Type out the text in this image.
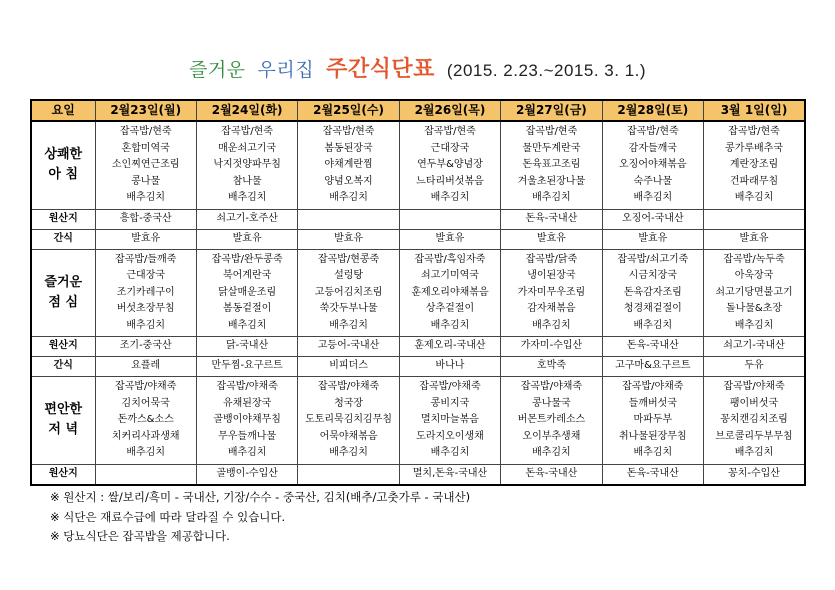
즐거운 우리집 주간식단표 (2015. 2.23.~2015. 3. 1.)
요일	2월23일(월)	2월24일(화)	2월25일(수)	2월26일(목)	2월27일(금)	2월28일(토)	3월 1일(일)

상쾌한
아 침	잡곡밥/현죽
혼합미역국
소인찌연근조림
콩나물
배추김치	잡곡밥/현죽
매운쇠고기국
낙지젓양파무침
참나물
배추김치	잡곡밥/현죽
봄동된장국
야채계란찜
양념오복지
배추김치	잡곡밥/현죽
근대장국
연두부&양념장
느타리버섯볶음
배추김치	잡곡밥/현죽
물만두계란국
돈육표고조림
겨울초된장나물
배추김치	잡곡밥/현죽
감자들깨국
오징어야채볶음
숙주나물
배추김치	잡곡밥/현죽
콩가루배추국
계란장조림
건파래무침
배추김치

원산지	흥합-중국산	쇠고기-호주산			돈육-국내산	오징어-국내산	
간식	발효유	발효유	발효유	발효유	발효유	발효유	발효유

즐거운
점 심	잡곡밥/들깨죽
근대장국
조기카레구이
버섯초장무침
배추김치	잡곡밥/완두콩죽
북어계란국
닭살매운조림
봄동겉절이
배추김치	잡곡밥/현콩죽
설렁탕
고등어김치조림
쑥갓두부나물
배추김치	잡곡밥/흑임자죽
쇠고기미역국
훈제오리야채볶음
상추겉절이
배추김치	잡곡밥/닭죽
냉이된장국
가자미무우조림
감자채볶음
배추김치	잡곡밥/쇠고기죽
시금치장국
돈육감자조림
청경채겉절이
배추김치	잡곡밥/녹두죽
아욱장국
쇠고기당면불고기
돌나물&초장
배추김치

원산지	조기-중국산	닭-국내산	고등어-국내산	훈제오리-국내산	가자미-수입산	돈육-국내산	쇠고기-국내산
간식	요플레	만두찜-요구르트	비피더스	바나나	호박죽	고구마&요구르트	두유

편안한
저 녁	잡곡밥/야채죽
김치어묵국
돈까스&소스
치커리사과생채
배추김치	잡곡밥/야채죽
유채된장국
골뱅이야채무침
무우들깨나물
배추김치	잡곡밥/야채죽
청국장
도토리묵김치김무침
어묵야채볶음
배추김치	잡곡밥/야채죽
콩비지국
멸치마늘볶음
도라지오이생채
배추김치	잡곡밥/야채죽
콩나물국
버몬트카레소스
오이부추생채
배추김치	잡곡밥/야채죽
들깨버섯국
마파두부
취나물된장무침
배추김치	잡곡밥/야채죽
팽이버섯국
꽁치캔김치조림
브로콜리두부무침
배추김치

원산지		골뱅이-수입산		멸치,돈육-국내산	돈육-국내산	돈육-국내산	꽁치-수입산
※ 원산지 : 쌀/보리/흑미 - 국내산, 기장/수수 - 중국산, 김치(배추/고춧가루 - 국내산)
※ 식단은 재료수급에 따라 달라질 수 있습니다.
※ 당뇨식단은 잡곡밥을 제공합니다.
